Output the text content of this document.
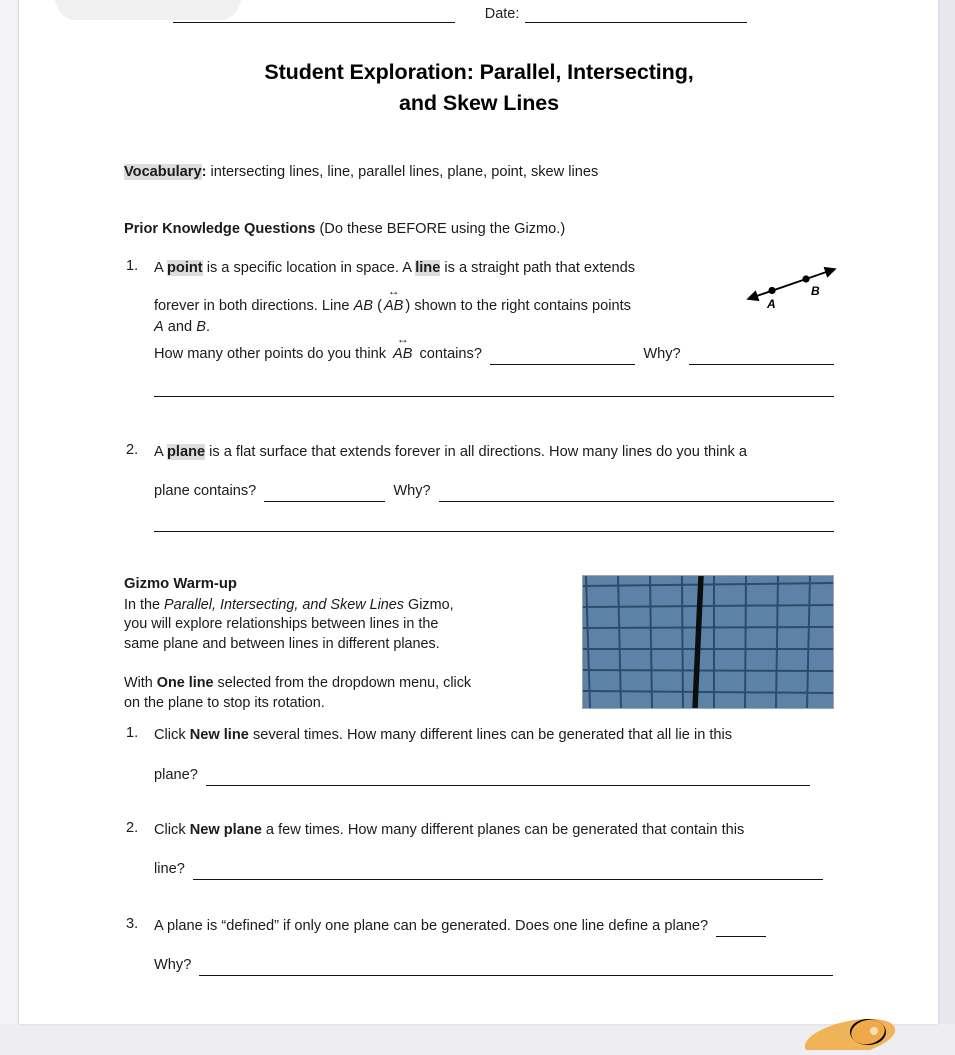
Date:
Student Exploration: Parallel, Intersecting,
and Skew Lines
Vocabulary: intersecting lines, line, parallel lines, plane, point, skew lines
Prior Knowledge Questions (Do these BEFORE using the Gizmo.)
1.	A point is a specific location in space. A line is a straight path that extends
forever in both directions. Line AB (
↔
AB ) shown to the right contains points
A and B.
A
B
How many other points do you think
↔
AB contains?	Why?
2.	A plane is a flat surface that extends forever in all directions. How many lines do you think a
plane contains?	Why?
Gizmo Warm-up

In the Parallel, Intersecting, and Skew Lines Gizmo,

you will explore relationships between lines in the

same plane and between lines in different planes.

With One line selected from the dropdown menu, click

on the plane to stop its rotation.

1.	Click New line several times. How many different lines can be generated that all lie in this
plane?
2.	Click New plane a few times. How many different planes can be generated that contain this
line?
3.	A plane is “defined” if only one plane can be generated. Does one line define a plane?
Why?
